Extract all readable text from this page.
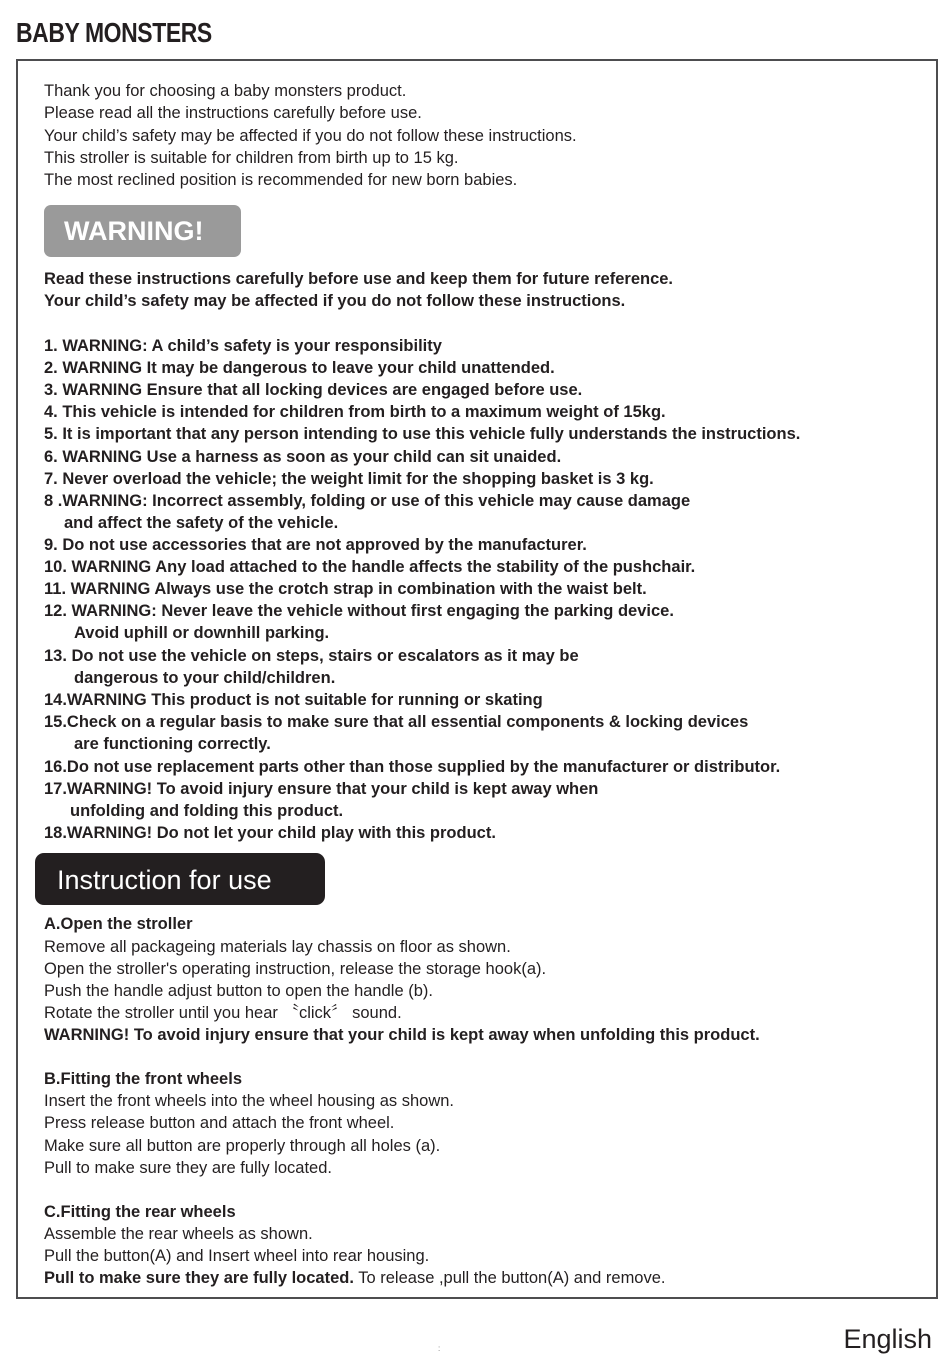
BABY MONSTERS
Thank you for choosing a baby monsters product.
Please read all the instructions carefully before use.
Your child’s safety may be affected if you do not follow these instructions.
This stroller is suitable for children from birth up to 15 kg.
The most reclined position is recommended for new born babies.
WARNING!
Read these instructions carefully before use and keep them for future reference.
Your child’s safety may be affected if you do not follow these instructions.
1. WARNING: A child’s safety is your responsibility
2. WARNING It may be dangerous to leave your child unattended.
3. WARNING Ensure that all locking devices are engaged before use.
4. This vehicle is intended for children from birth to a maximum weight of 15kg.
5. It is important that any person intending to use this vehicle fully understands the instructions.
6. WARNING Use a harness as soon as your child can sit unaided.
7. Never overload the vehicle; the weight limit for the shopping basket is 3 kg.
8 .WARNING: Incorrect assembly, folding or use of this vehicle may cause damage
and affect the safety of the vehicle.
9. Do not use accessories that are not approved by the manufacturer.
10. WARNING Any load attached to the handle affects the stability of the pushchair.
11. WARNING Always use the crotch strap in combination with the waist belt.
12. WARNING: Never leave the vehicle without first engaging the parking device.
Avoid uphill or downhill parking.
13. Do not use the vehicle on steps, stairs or escalators as it may be
dangerous to your child/children.
14.WARNING This product is not suitable for running or skating
15.Check on a regular basis to make sure that all essential components & locking devices
are functioning correctly.
16.Do not use replacement parts other than those supplied by the manufacturer or distributor.
17.WARNING! To avoid injury ensure that your child is kept away when
unfolding and folding this product.
18.WARNING! Do not let your child play with this product.
Instruction for use
A.Open the stroller
Remove all packageing materials lay chassis on floor as shown.
Open the stroller's operating instruction, release the storage hook(a).
Push the handle adjust button to open the handle (b).
Rotate the stroller until you hear 〝click〞 sound.
WARNING! To avoid injury ensure that your child is kept away when unfolding this product.
B.Fitting the front wheels
Insert the front wheels into the wheel housing as shown.
Press release button and attach the front wheel.
Make sure all button are properly through all holes (a).
Pull to make sure they are fully located.
C.Fitting the rear wheels
Assemble the rear wheels as shown.
Pull the button(A) and Insert wheel into rear housing.
Pull to make sure they are fully located. To release ,pull the button(A) and remove.
:	English
